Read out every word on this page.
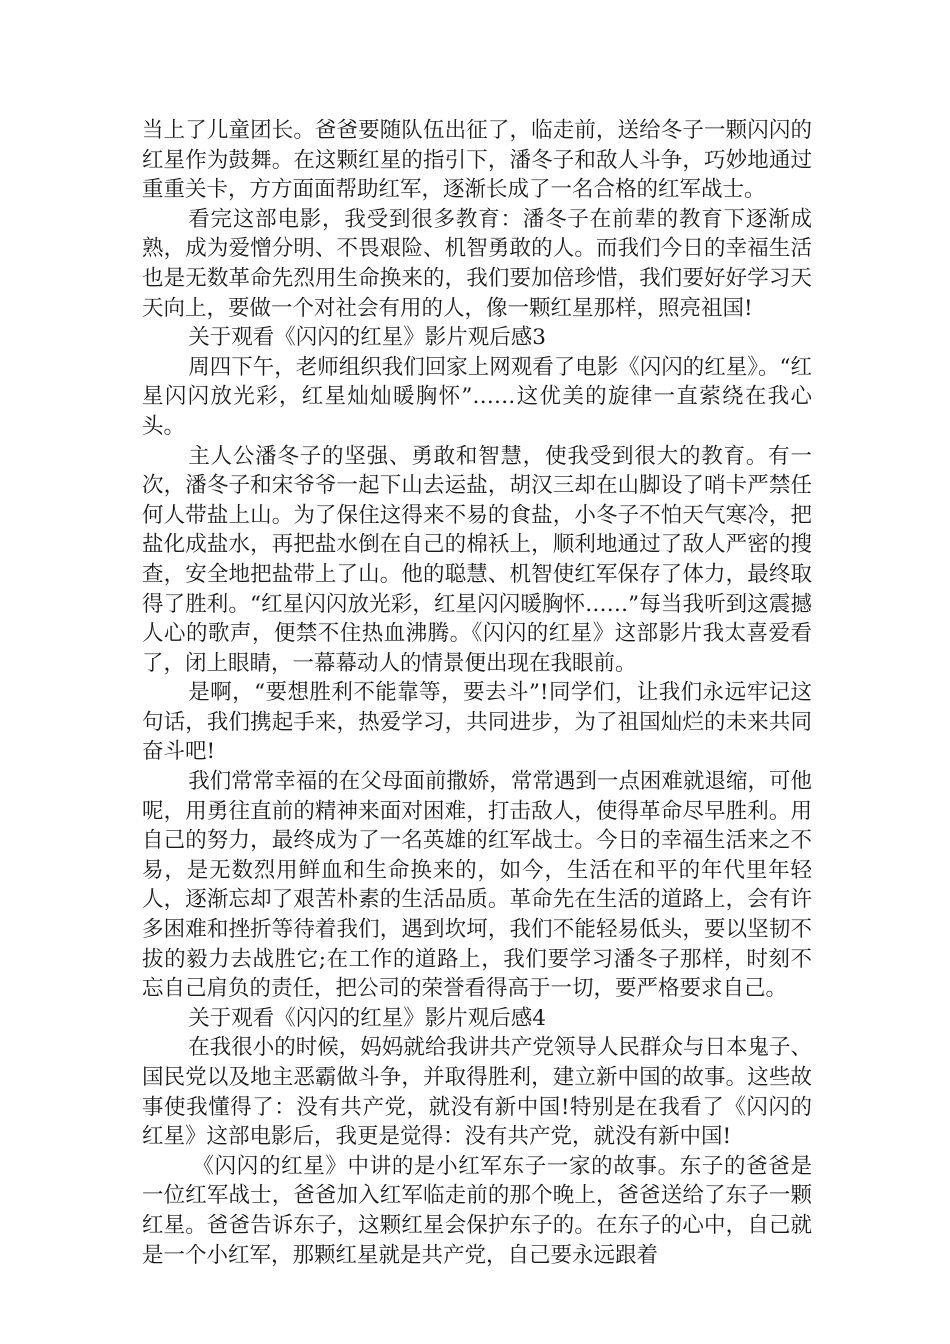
当上了儿童团长。爸爸要随队伍出征了，临走前，送给冬子一颗闪闪的红星作为鼓舞。在这颗红星的指引下，潘冬子和敌人斗争，巧妙地通过重重关卡，方方面面帮助红军，逐渐长成了一名合格的红军战士。

看完这部电影，我受到很多教育：潘冬子在前辈的教育下逐渐成熟，成为爱憎分明、不畏艰险、机智勇敢的人。而我们今日的幸福生活也是无数革命先烈用生命换来的，我们要加倍珍惜，我们要好好学习天天向上，要做一个对社会有用的人，像一颗红星那样，照亮祖国!

关于观看《闪闪的红星》影片观后感3

周四下午，老师组织我们回家上网观看了电影《闪闪的红星》。“红星闪闪放光彩，红星灿灿暖胸怀”……这优美的旋律一直萦绕在我心头。

主人公潘冬子的坚强、勇敢和智慧，使我受到很大的教育。有一次，潘冬子和宋爷爷一起下山去运盐，胡汉三却在山脚设了哨卡严禁任何人带盐上山。为了保住这得来不易的食盐，小冬子不怕天气寒冷，把盐化成盐水，再把盐水倒在自己的棉袄上，顺利地通过了敌人严密的搜查，安全地把盐带上了山。他的聪慧、机智使红军保存了体力，最终取得了胜利。“红星闪闪放光彩，红星闪闪暖胸怀……”每当我听到这震撼人心的歌声，便禁不住热血沸腾。《闪闪的红星》这部影片我太喜爱看了，闭上眼睛，一幕幕动人的情景便出现在我眼前。

是啊，“要想胜利不能靠等，要去斗”!同学们，让我们永远牢记这句话，我们携起手来，热爱学习，共同进步，为了祖国灿烂的未来共同奋斗吧!

我们常常幸福的在父母面前撒娇，常常遇到一点困难就退缩，可他呢，用勇往直前的精神来面对困难，打击敌人，使得革命尽早胜利。用自己的努力，最终成为了一名英雄的红军战士。今日的幸福生活来之不易，是无数烈用鲜血和生命换来的，如今，生活在和平的年代里年轻人，逐渐忘却了艰苦朴素的生活品质。革命先在生活的道路上，会有许多困难和挫折等待着我们，遇到坎坷，我们不能轻易低头，要以坚韧不拔的毅力去战胜它;在工作的道路上，我们要学习潘冬子那样，时刻不忘自己肩负的责任，把公司的荣誉看得高于一切，要严格要求自己。

关于观看《闪闪的红星》影片观后感4

在我很小的时候，妈妈就给我讲共产党领导人民群众与日本鬼子、国民党以及地主恶霸做斗争，并取得胜利，建立新中国的故事。这些故事使我懂得了：没有共产党，就没有新中国!特别是在我看了《闪闪的红星》这部电影后，我更是觉得：没有共产党，就没有新中国!

《闪闪的红星》中讲的是小红军东子一家的故事。东子的爸爸是一位红军战士，爸爸加入红军临走前的那个晚上，爸爸送给了东子一颗红星。爸爸告诉东子，这颗红星会保护东子的。在东子的心中，自己就是一个小红军，那颗红星就是共产党，自己要永远跟着
